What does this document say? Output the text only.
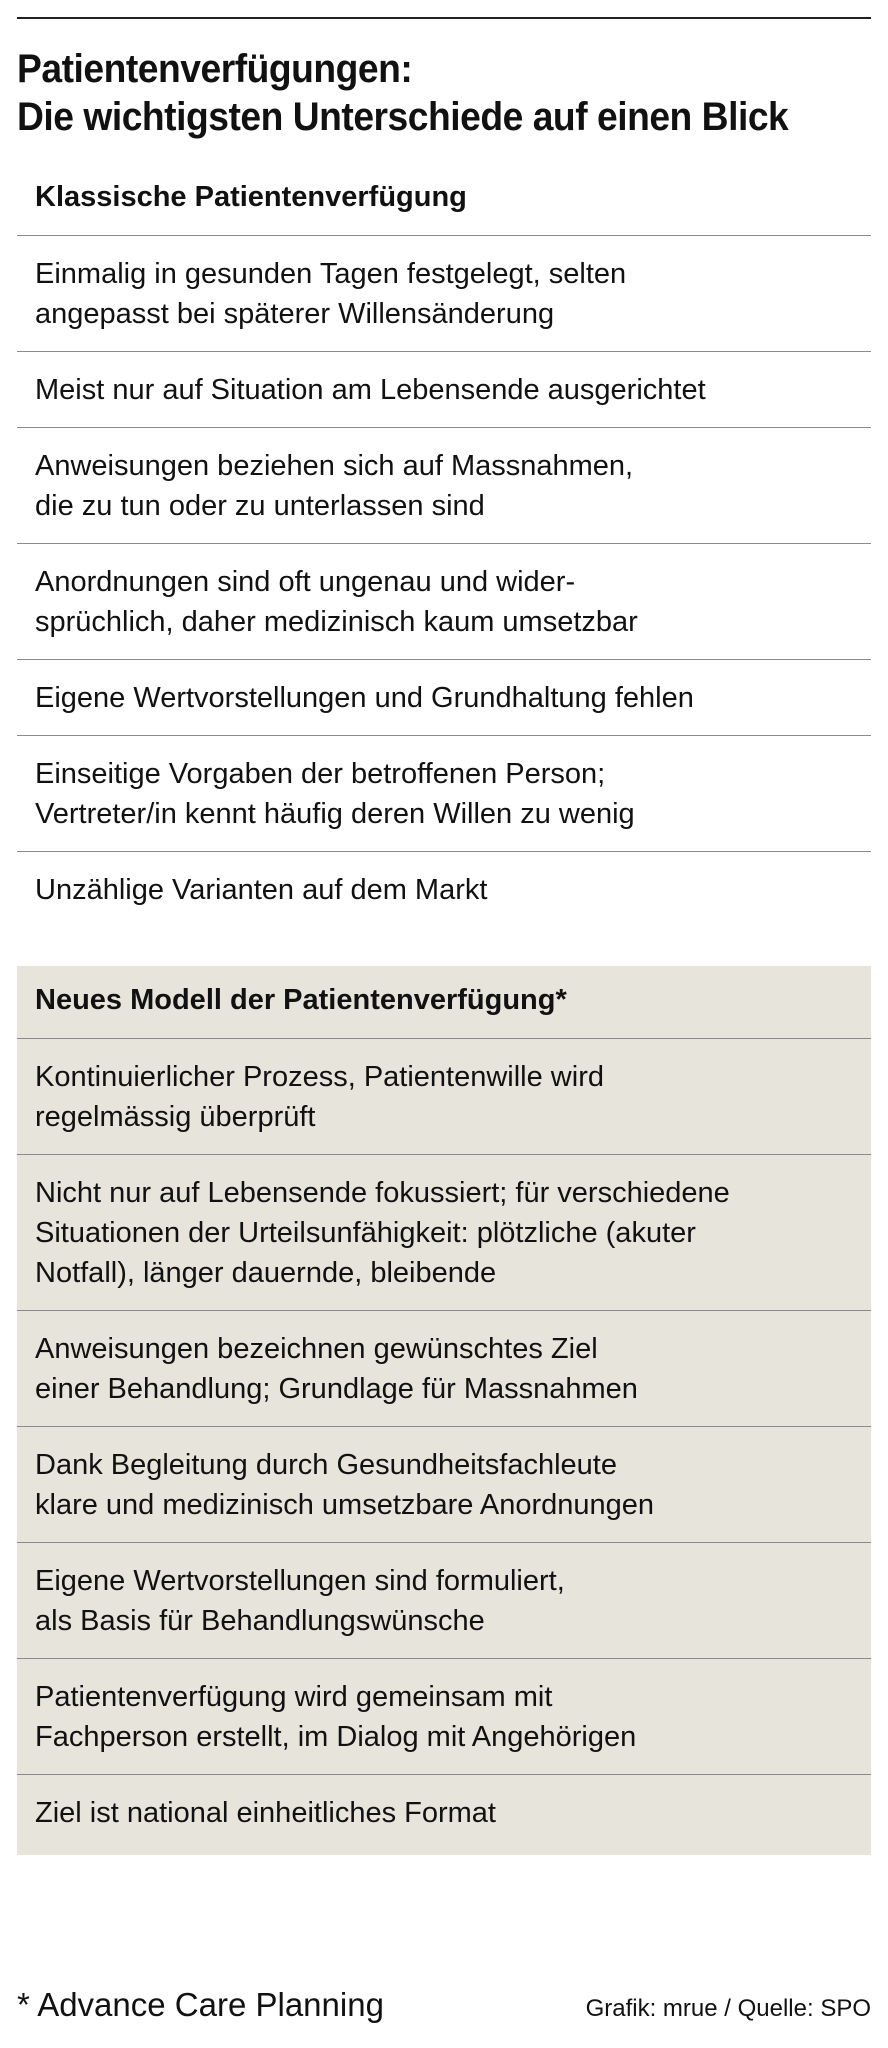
Patientenverfügungen:
Die wichtigsten Unterschiede auf einen Blick
Klassische Patientenverfügung
Einmalig in gesunden Tagen festgelegt, selten
angepasst bei späterer Willensänderung
Meist nur auf Situation am Lebensende ausgerichtet
Anweisungen beziehen sich auf Massnahmen,
die zu tun oder zu unterlassen sind
Anordnungen sind oft ungenau und wider-
sprüchlich, daher medizinisch kaum umsetzbar
Eigene Wertvorstellungen und Grundhaltung fehlen
Einseitige Vorgaben der betroffenen Person;
Vertreter/in kennt häufig deren Willen zu wenig
Unzählige Varianten auf dem Markt
Neues Modell der Patientenverfügung*
Kontinuierlicher Prozess, Patientenwille wird
regelmässig überprüft
Nicht nur auf Lebensende fokussiert; für verschiedene
Situationen der Urteilsunfähigkeit: plötzliche (akuter
Notfall), länger dauernde, bleibende
Anweisungen bezeichnen gewünschtes Ziel
einer Behandlung; Grundlage für Massnahmen
Dank Begleitung durch Gesundheitsfachleute
klare und medizinisch umsetzbare Anordnungen
Eigene Wertvorstellungen sind formuliert,
als Basis für Behandlungswünsche
Patientenverfügung wird gemeinsam mit
Fachperson erstellt, im Dialog mit Angehörigen
Ziel ist national einheitliches Format
* Advance Care Planning	Grafik: mrue / Quelle: SPO
